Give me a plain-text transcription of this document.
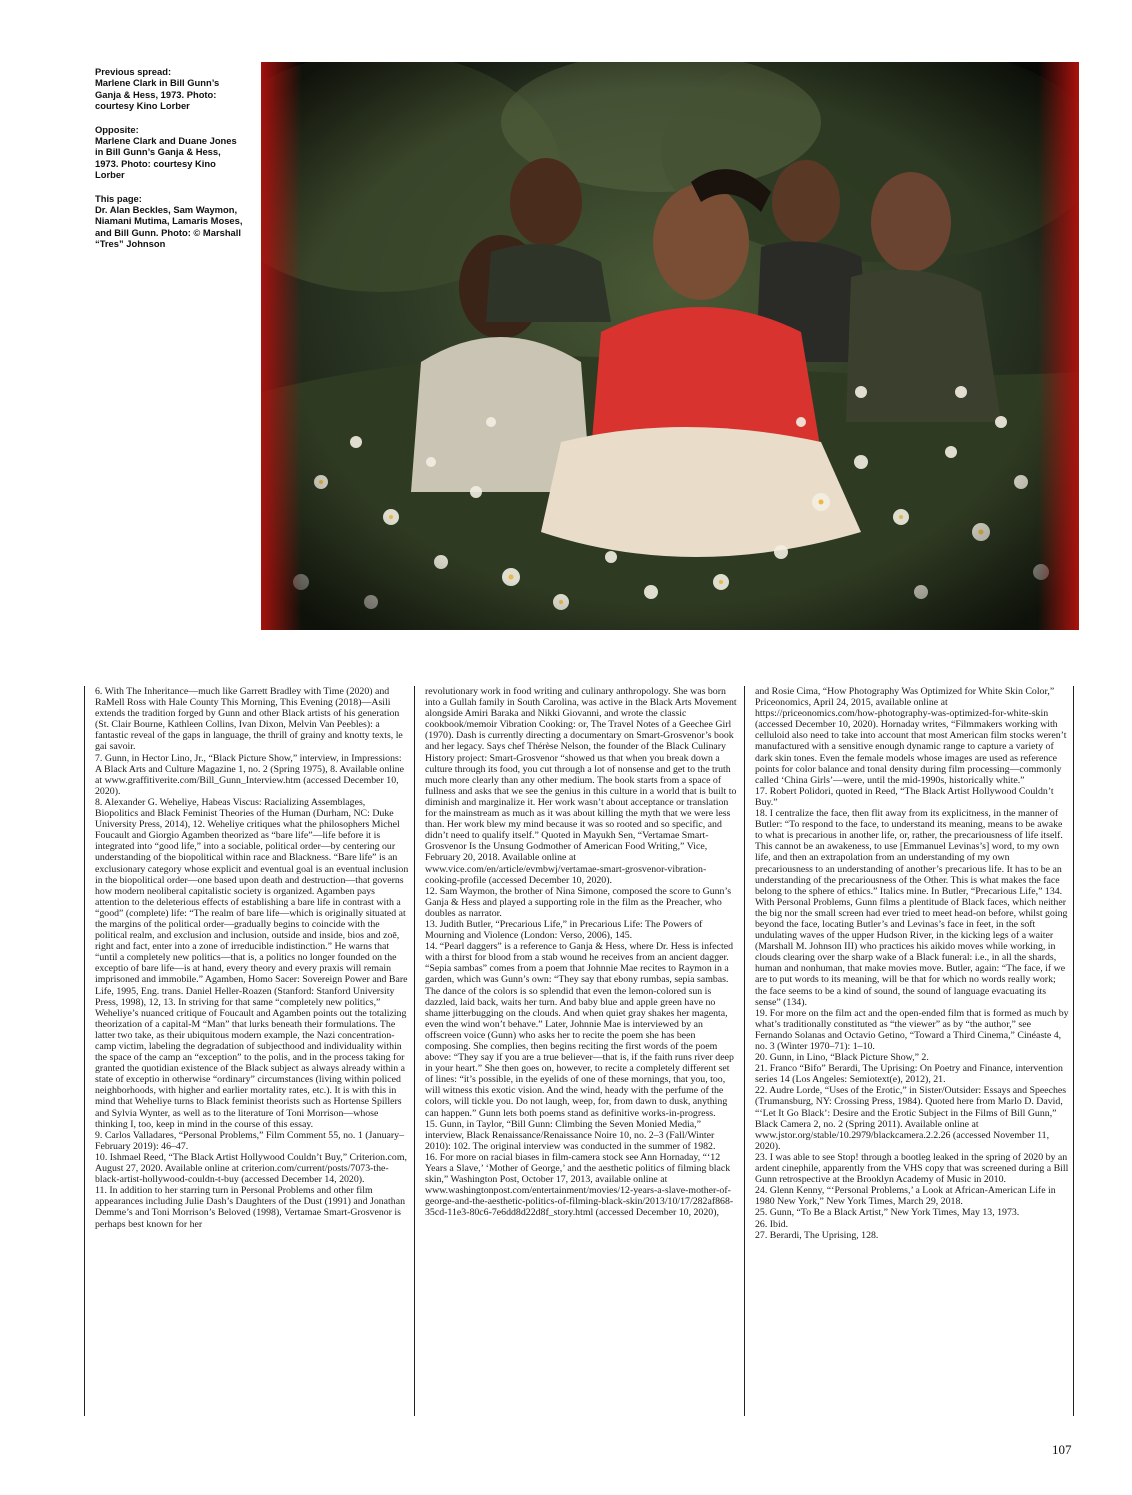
Previous spread:
Marlene Clark in Bill Gunn’s Ganja & Hess, 1973. Photo: courtesy Kino Lorber
Opposite:
Marlene Clark and Duane Jones in Bill Gunn’s Ganja & Hess, 1973. Photo: courtesy Kino Lorber
This page:
Dr. Alan Beckles, Sam Waymon, Niamani Mutima, Lamaris Moses, and Bill Gunn. Photo: © Marshall “Tres” Johnson

6. With The Inheritance—much like Garrett Bradley with Time (2020) and RaMell Ross with Hale County This Morning, This Evening (2018)—Asili extends the tradition forged by Gunn and other Black artists of his generation (St. Clair Bourne, Kathleen Collins, Ivan Dixon, Melvin Van Peebles): a fantastic reveal of the gaps in language, the thrill of grainy and knotty texts, le gai savoir.

7. Gunn, in Hector Lino, Jr., “Black Picture Show,” interview, in Impressions: A Black Arts and Culture Magazine 1, no. 2 (Spring 1975), 8. Available online at www.graffitiverite.com/Bill_Gunn_Interview.htm (accessed December 10, 2020).

8. Alexander G. Weheliye, Habeas Viscus: Racializing Assemblages, Biopolitics and Black Feminist Theories of the Human (Durham, NC: Duke University Press, 2014), 12. Weheliye critiques what the philosophers Michel Foucault and Giorgio Agamben theorized as “bare life”—life before it is integrated into “good life,” into a sociable, political order—by centering our understanding of the biopolitical within race and Blackness. “Bare life” is an exclusionary category whose explicit and eventual goal is an eventual inclusion in the biopolitical order—one based upon death and destruction—that governs how modern neoliberal capitalistic society is organized. Agamben pays attention to the deleterious effects of establishing a bare life in contrast with a “good” (complete) life: “The realm of bare life—which is originally situated at the margins of the political order—gradually begins to coincide with the political realm, and exclusion and inclusion, outside and inside, bios and zoē, right and fact, enter into a zone of irreducible indistinction.” He warns that “until a completely new politics—that is, a politics no longer founded on the exceptio of bare life—is at hand, every theory and every praxis will remain imprisoned and immobile.” Agamben, Homo Sacer: Sovereign Power and Bare Life, 1995, Eng. trans. Daniel Heller-Roazen (Stanford: Stanford University Press, 1998), 12, 13. In striving for that same “completely new politics,” Weheliye’s nuanced critique of Foucault and Agamben points out the totalizing theorization of a capital-M “Man” that lurks beneath their formulations. The latter two take, as their ubiquitous modern example, the Nazi concentration-camp victim, labeling the degradation of subjecthood and individuality within the space of the camp an “exception” to the polis, and in the process taking for granted the quotidian existence of the Black subject as always already within a state of exceptio in otherwise “ordinary” circumstances (living within policed neighborhoods, with higher and earlier mortality rates, etc.). It is with this in mind that Weheliye turns to Black feminist theorists such as Hortense Spillers and Sylvia Wynter, as well as to the literature of Toni Morrison—whose thinking I, too, keep in mind in the course of this essay.

9. Carlos Valladares, “Personal Problems,” Film Comment 55, no. 1 (January–February 2019): 46–47.

10. Ishmael Reed, “The Black Artist Hollywood Couldn’t Buy,” Criterion.com, August 27, 2020. Available online at criterion.com/current/posts/7073-the-black-artist-hollywood-couldn-t-buy (accessed December 14, 2020).

11. In addition to her starring turn in Personal Problems and other film appearances including Julie Dash’s Daughters of the Dust (1991) and Jonathan Demme’s and Toni Morrison’s Beloved (1998), Vertamae Smart-Grosvenor is perhaps best known for her

revolutionary work in food writing and culinary anthropology. She was born into a Gullah family in South Carolina, was active in the Black Arts Movement alongside Amiri Baraka and Nikki Giovanni, and wrote the classic cookbook/memoir Vibration Cooking: or, The Travel Notes of a Geechee Girl (1970). Dash is currently directing a documentary on Smart-Grosvenor’s book and her legacy. Says chef Thérèse Nelson, the founder of the Black Culinary History project: Smart-Grosvenor “showed us that when you break down a culture through its food, you cut through a lot of nonsense and get to the truth much more clearly than any other medium. The book starts from a space of fullness and asks that we see the genius in this culture in a world that is built to diminish and marginalize it. Her work wasn’t about acceptance or translation for the mainstream as much as it was about killing the myth that we were less than. Her work blew my mind because it was so rooted and so specific, and didn’t need to qualify itself.” Quoted in Mayukh Sen, “Vertamae Smart-Grosvenor Is the Unsung Godmother of American Food Writing,” Vice, February 20, 2018. Available online at www.vice.com/en/article/evmbwj/vertamae-smart-grosvenor-vibration-cooking-profile (accessed December 10, 2020).

12. Sam Waymon, the brother of Nina Simone, composed the score to Gunn’s Ganja & Hess and played a supporting role in the film as the Preacher, who doubles as narrator.

13. Judith Butler, “Precarious Life,” in Precarious Life: The Powers of Mourning and Violence (London: Verso, 2006), 145.

14. “Pearl daggers” is a reference to Ganja & Hess, where Dr. Hess is infected with a thirst for blood from a stab wound he receives from an ancient dagger. “Sepia sambas” comes from a poem that Johnnie Mae recites to Raymon in a garden, which was Gunn’s own: “They say that ebony rumbas, sepia sambas. The dance of the colors is so splendid that even the lemon-colored sun is dazzled, laid back, waits her turn. And baby blue and apple green have no shame jitterbugging on the clouds. And when quiet gray shakes her magenta, even the wind won’t behave.” Later, Johnnie Mae is interviewed by an offscreen voice (Gunn) who asks her to recite the poem she has been composing. She complies, then begins reciting the first words of the poem above: “They say if you are a true believer—that is, if the faith runs river deep in your heart.” She then goes on, however, to recite a completely different set of lines: “it’s possible, in the eyelids of one of these mornings, that you, too, will witness this exotic vision. And the wind, heady with the perfume of the colors, will tickle you. Do not laugh, weep, for, from dawn to dusk, anything can happen.” Gunn lets both poems stand as definitive works-in-progress.

15. Gunn, in Taylor, “Bill Gunn: Climbing the Seven Monied Media,” interview, Black Renaissance/Renaissance Noire 10, no. 2–3 (Fall/Winter 2010): 102. The original interview was conducted in the summer of 1982.

16. For more on racial biases in film-camera stock see Ann Hornaday, “‘12 Years a Slave,’ ‘Mother of George,’ and the aesthetic politics of filming black skin,” Washington Post, October 17, 2013, available online at www.washingtonpost.com/entertainment/movies/12-years-a-slave-mother-of-george-and-the-aesthetic-politics-of-filming-black-skin/2013/10/17/282af868-35cd-11e3-80c6-7e6dd8d22d8f_story.html (accessed December 10, 2020),

and Rosie Cima, “How Photography Was Optimized for White Skin Color,” Priceonomics, April 24, 2015, available online at https://priceonomics.com/how-photography-was-optimized-for-white-skin (accessed December 10, 2020). Hornaday writes, “Filmmakers working with celluloid also need to take into account that most American film stocks weren’t manufactured with a sensitive enough dynamic range to capture a variety of dark skin tones. Even the female models whose images are used as reference points for color balance and tonal density during film processing—commonly called ‘China Girls’—were, until the mid-1990s, historically white.”

17. Robert Polidori, quoted in Reed, “The Black Artist Hollywood Couldn’t Buy.”

18. I centralize the face, then flit away from its explicitness, in the manner of Butler: “To respond to the face, to understand its meaning, means to be awake to what is precarious in another life, or, rather, the precariousness of life itself. This cannot be an awakeness, to use [Emmanuel Levinas’s] word, to my own life, and then an extrapolation from an understanding of my own precariousness to an understanding of another’s precarious life. It has to be an understanding of the precariousness of the Other. This is what makes the face belong to the sphere of ethics.” Italics mine. In Butler, “Precarious Life,” 134. With Personal Problems, Gunn films a plentitude of Black faces, which neither the big nor the small screen had ever tried to meet head-on before, whilst going beyond the face, locating Butler’s and Levinas’s face in feet, in the soft undulating waves of the upper Hudson River, in the kicking legs of a waiter (Marshall M. Johnson III) who practices his aikido moves while working, in clouds clearing over the sharp wake of a Black funeral: i.e., in all the shards, human and nonhuman, that make movies move. Butler, again: “The face, if we are to put words to its meaning, will be that for which no words really work; the face seems to be a kind of sound, the sound of language evacuating its sense” (134).

19. For more on the film act and the open-ended film that is formed as much by what’s traditionally constituted as “the viewer” as by “the author,” see Fernando Solanas and Octavio Getino, “Toward a Third Cinema,” Cinéaste 4, no. 3 (Winter 1970–71): 1–10.

20. Gunn, in Lino, “Black Picture Show,” 2.

21. Franco “Bifo” Berardi, The Uprising: On Poetry and Finance, intervention series 14 (Los Angeles: Semiotext(e), 2012), 21.

22. Audre Lorde, “Uses of the Erotic,” in Sister/Outsider: Essays and Speeches (Trumansburg, NY: Crossing Press, 1984). Quoted here from Marlo D. David, “‘Let It Go Black’: Desire and the Erotic Subject in the Films of Bill Gunn,” Black Camera 2, no. 2 (Spring 2011). Available online at www.jstor.org/stable/10.2979/blackcamera.2.2.26 (accessed November 11, 2020).

23. I was able to see Stop! through a bootleg leaked in the spring of 2020 by an ardent cinephile, apparently from the VHS copy that was screened during a Bill Gunn retrospective at the Brooklyn Academy of Music in 2010.

24. Glenn Kenny, “‘Personal Problems,’ a Look at African-American Life in 1980 New York,” New York Times, March 29, 2018.

25. Gunn, “To Be a Black Artist,” New York Times, May 13, 1973.

26. Ibid.

27. Berardi, The Uprising, 128.

107
